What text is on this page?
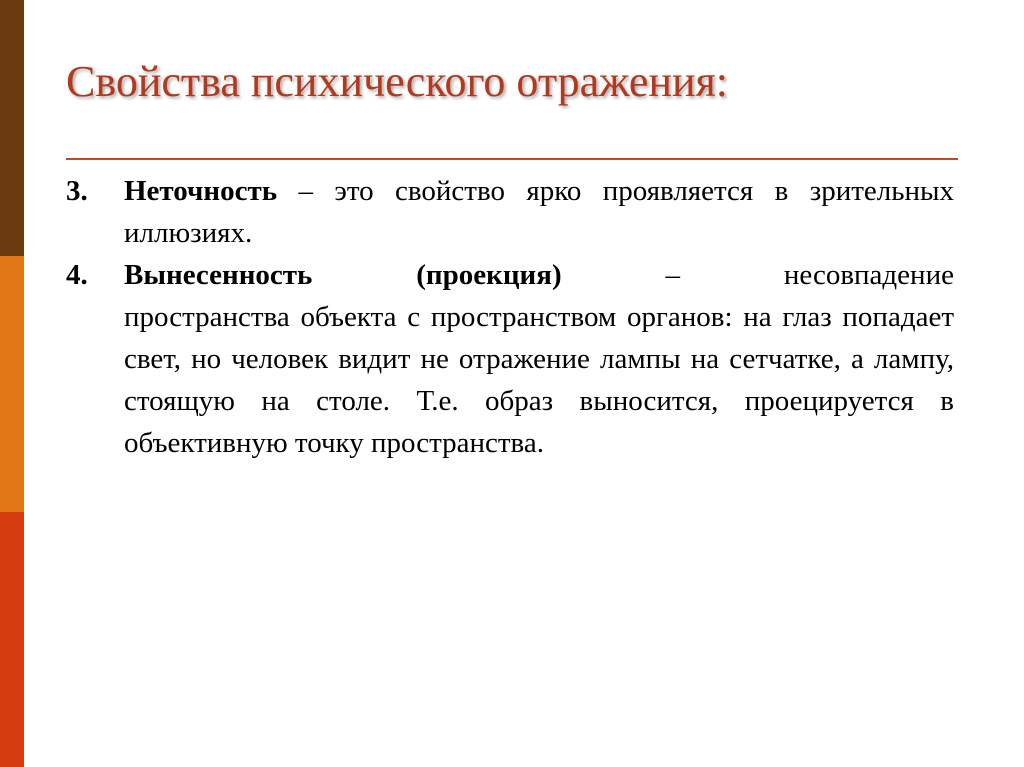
Свойства психического отражения:
3.	Неточность – это свойство ярко проявляется в зрительных иллюзиях.
4.	Вынесенность	(проекция)	–	несовпадение
пространства объекта с пространством органов: на глаз попадает свет, но человек видит не отражение лампы на сетчатке, а лампу, стоящую на столе. Т.е. образ выносится, проецируется в объективную точку пространства.
